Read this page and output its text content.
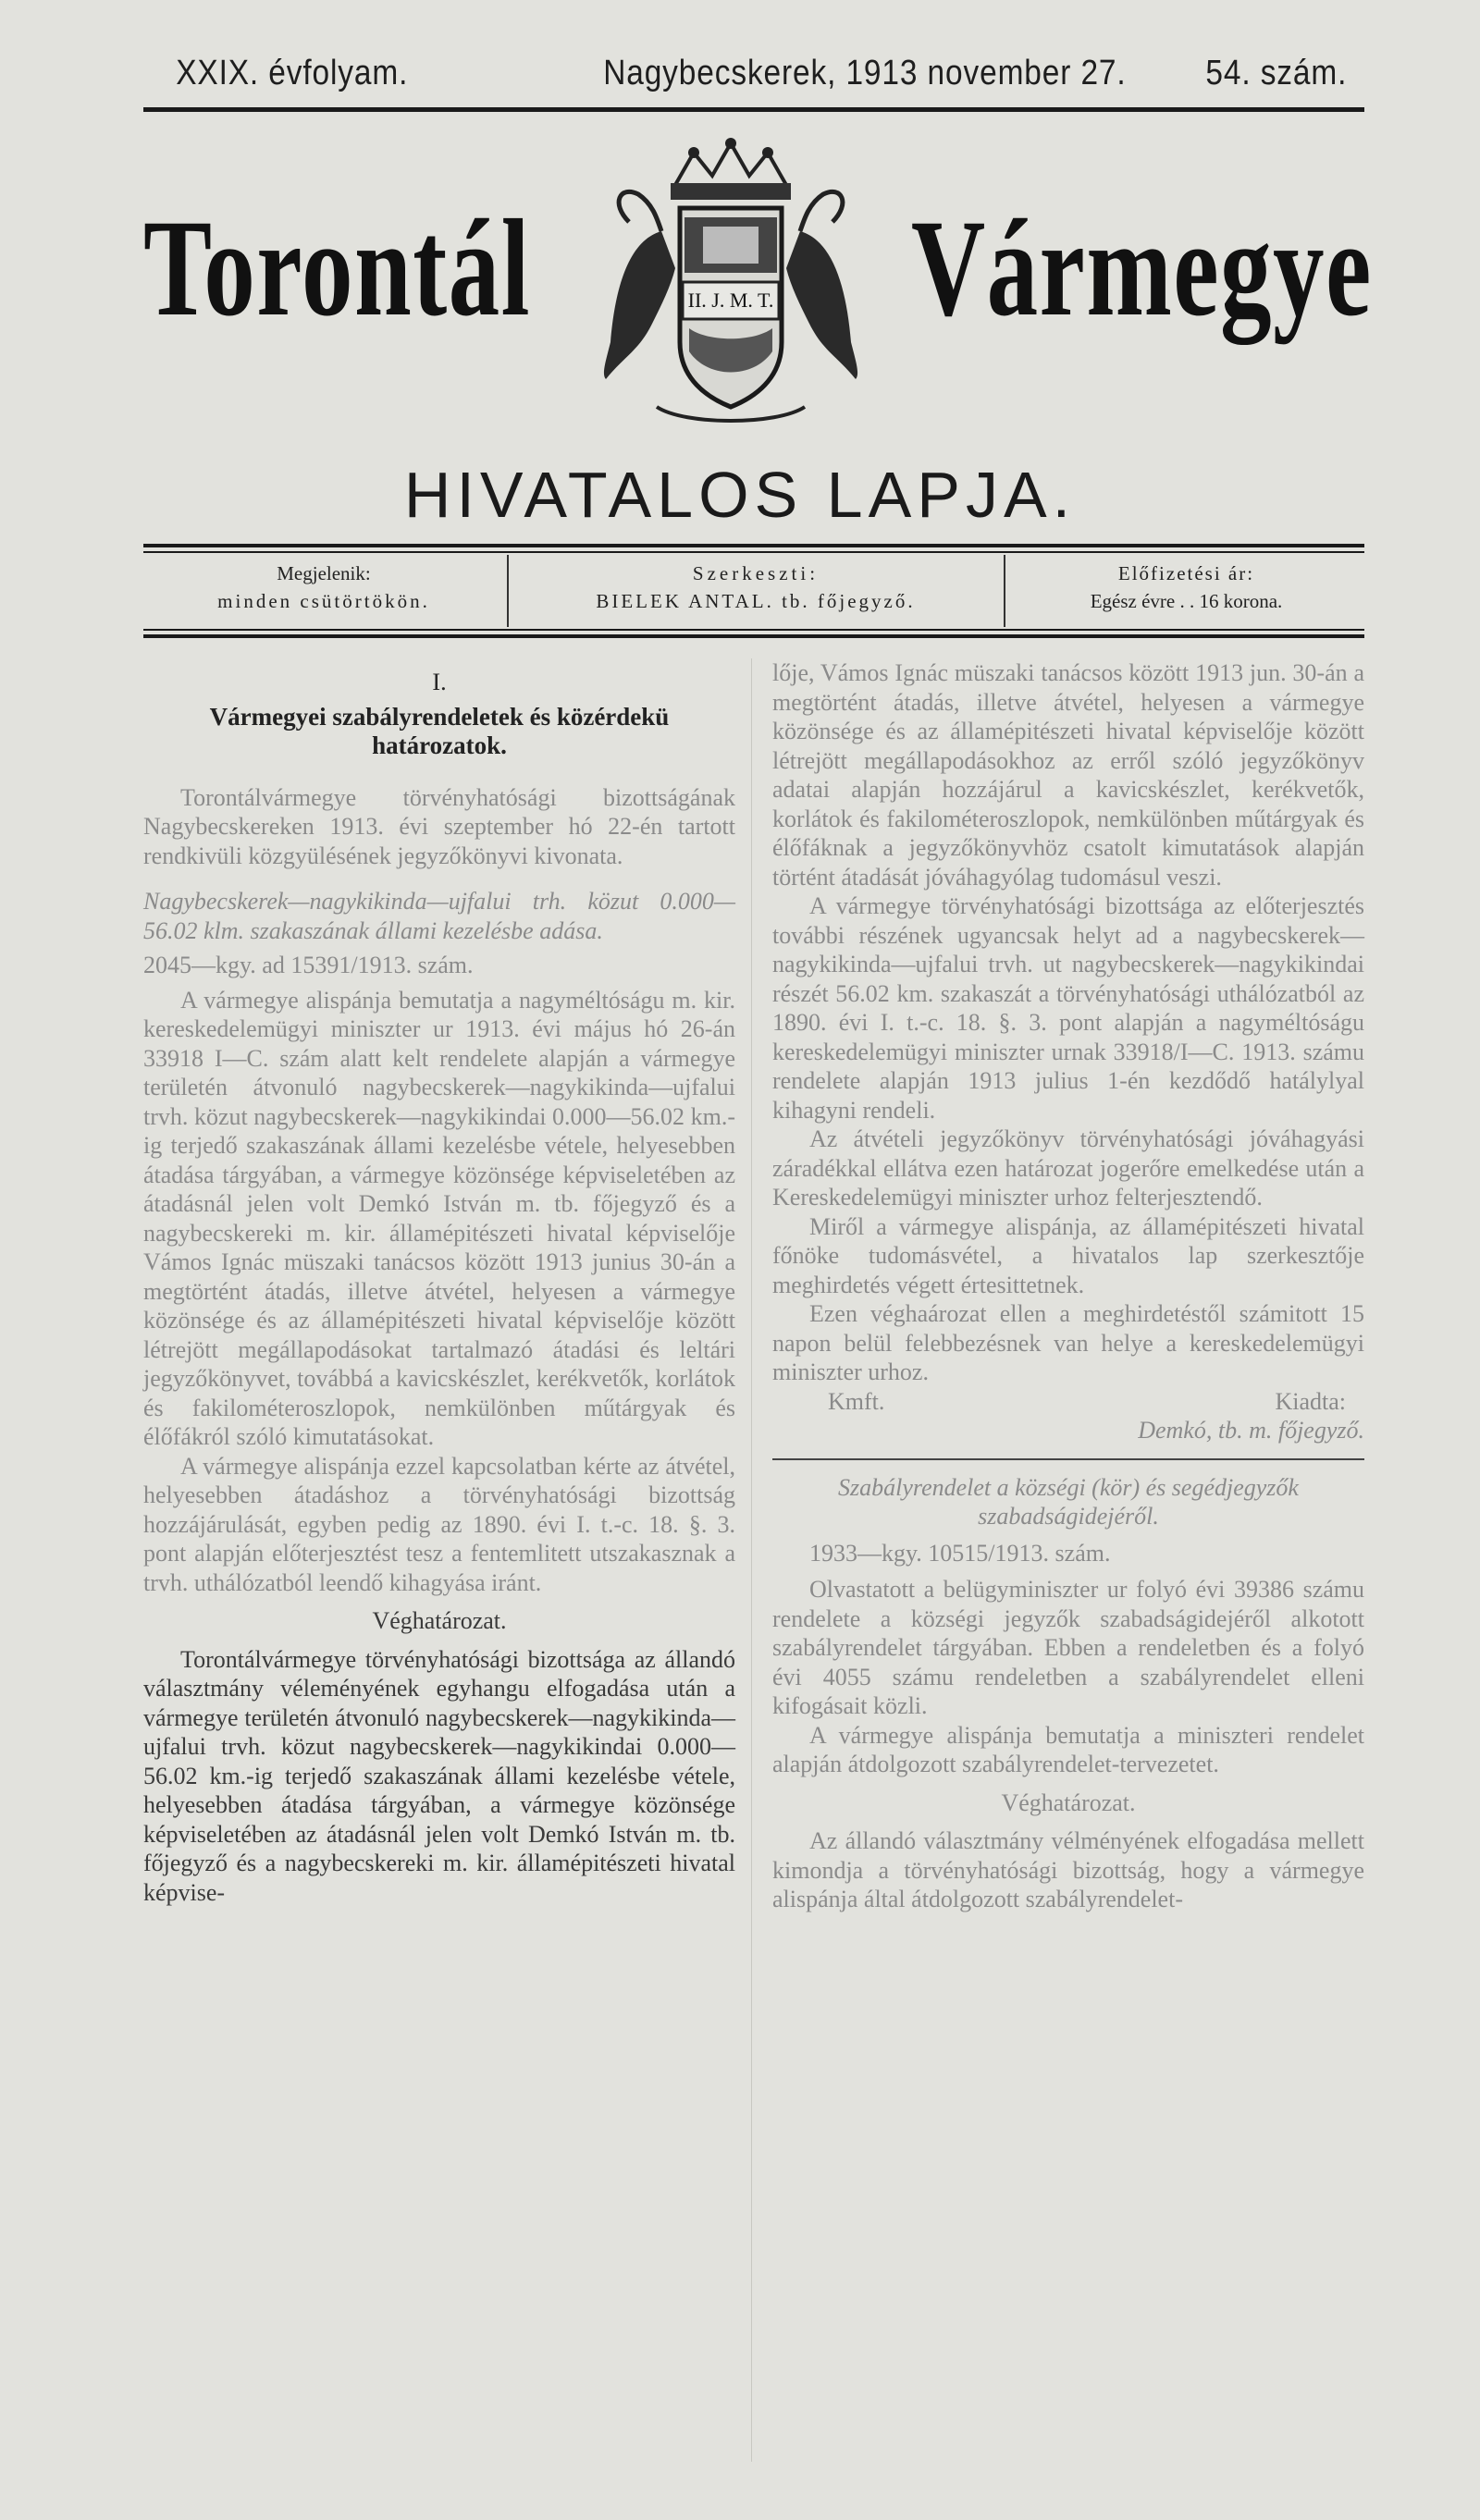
XXIX. évfolyam.	Nagybecskerek, 1913 november 27. 54. szám.
Torontál	Vármegye
II. J. M. T.
HIVATALOS LAPJA.
Megjelenik:
minden csütörtökön.
Szerkeszti:
BIELEK ANTAL. tb. főjegyző.
Előfizetési ár:
Egész évre . . 16 korona.

I.

Vármegyei szabályrendeletek és közérdekü határozatok.

Torontálvármegye törvényhatósági bizottságának Nagybecskereken 1913. évi szeptember hó 22-én tartott rendkivüli közgyülésének jegyzőkönyvi kivonata.

Nagybecskerek—nagykikinda—ujfalui trh. közut 0.000—56.02 klm. szakaszának állami kezelésbe adása.

2045—kgy. ad 15391/1913. szám.

A vármegye alispánja bemutatja a nagyméltóságu m. kir. kereskedelemügyi miniszter ur 1913. évi május hó 26-án 33918 I—C. szám alatt kelt rendelete alapján a vármegye területén átvonuló nagybecskerek—nagykikinda—ujfalui trvh. közut nagybecskerek—nagykikindai 0.000—56.02 km.-ig terjedő szakaszának állami kezelésbe vétele, helyesebben átadása tárgyában, a vármegye közönsége képviseletében az átadásnál jelen volt Demkó István m. tb. főjegyző és a nagybecskereki m. kir. államépitészeti hivatal képviselője Vámos Ignác müszaki tanácsos között 1913 junius 30-án a megtörtént átadás, illetve átvétel, helyesen a vármegye közönsége és az államépitészeti hivatal képviselője között létrejött megállapodásokat tartalmazó átadási és leltári jegyzőkönyvet, továbbá a kavicskészlet, kerékvetők, korlátok és fakilométeroszlopok, nemkülönben műtárgyak és élőfákról szóló kimutatásokat.

A vármegye alispánja ezzel kapcsolatban kérte az átvétel, helyesebben átadáshoz a törvényhatósági bizottság hozzájárulását, egyben pedig az 1890. évi I. t.-c. 18. §. 3. pont alapján előterjesztést tesz a fentemlitett utszakasznak a trvh. uthálózatból leendő kihagyása iránt.

Véghatározat.

Torontálvármegye törvényhatósági bizottsága az állandó választmány véleményének egyhangu elfogadása után a vármegye területén átvonuló nagybecskerek—nagykikinda—ujfalui trvh. közut nagybecskerek—nagykikindai 0.000—56.02 km.-ig terjedő szakaszának állami kezelésbe vétele, helyesebben átadása tárgyában, a vármegye közönsége képviseletében az átadásnál jelen volt Demkó István m. tb. főjegyző és a nagybecskereki m. kir. államépitészeti hivatal képvise-

lője, Vámos Ignác müszaki tanácsos között 1913 jun. 30-án a megtörtént átadás, illetve átvétel, helyesen a vármegye közönsége és az államépitészeti hivatal képviselője között létrejött megállapodásokhoz az erről szóló jegyzőkönyv adatai alapján hozzájárul a kavicskészlet, kerékvetők, korlátok és fakilométeroszlopok, nemkülönben műtárgyak és élőfáknak a jegyzőkönyvhöz csatolt kimutatások alapján történt átadását jóváhagyólag tudomásul veszi.

A vármegye törvényhatósági bizottsága az előterjesztés további részének ugyancsak helyt ad a nagybecskerek—nagykikinda—ujfalui trvh. ut nagybecskerek—nagykikindai részét 56.02 km. szakaszát a törvényhatósági uthálózatból az 1890. évi I. t.-c. 18. §. 3. pont alapján a nagyméltóságu kereskedelemügyi miniszter urnak 33918/I—C. 1913. számu rendelete alapján 1913 julius 1-én kezdődő hatálylyal kihagyni rendeli.

Az átvételi jegyzőkönyv törvényhatósági jóváhagyási záradékkal ellátva ezen határozat jogerőre emelkedése után a Kereskedelemügyi miniszter urhoz felterjesztendő.

Miről a vármegye alispánja, az államépitészeti hivatal főnöke tudomásvétel, a hivatalos lap szerkesztője meghirdetés végett értesittetnek.

Ezen véghaározat ellen a meghirdetéstől számitott 15 napon belül felebbezésnek van helye a kereskedelemügyi miniszter urhoz.

Kmft.	Kiadta:

Demkó, tb. m. főjegyző.

Szabályrendelet a községi (kör) és segédjegyzők szabadságidejéről.

1933—kgy. 10515/1913. szám.

Olvastatott a belügyminiszter ur folyó évi 39386 számu rendelete a községi jegyzők szabadságidejéről alkotott szabályrendelet tárgyában. Ebben a rendeletben és a folyó évi 4055 számu rendeletben a szabályrendelet elleni kifogásait közli.

A vármegye alispánja bemutatja a miniszteri rendelet alapján átdolgozott szabályrendelet-tervezetet.

Véghatározat.

Az állandó választmány vélményének elfogadása mellett kimondja a törvényhatósági bizottság, hogy a vármegye alispánja által átdolgozott szabályrendelet-
